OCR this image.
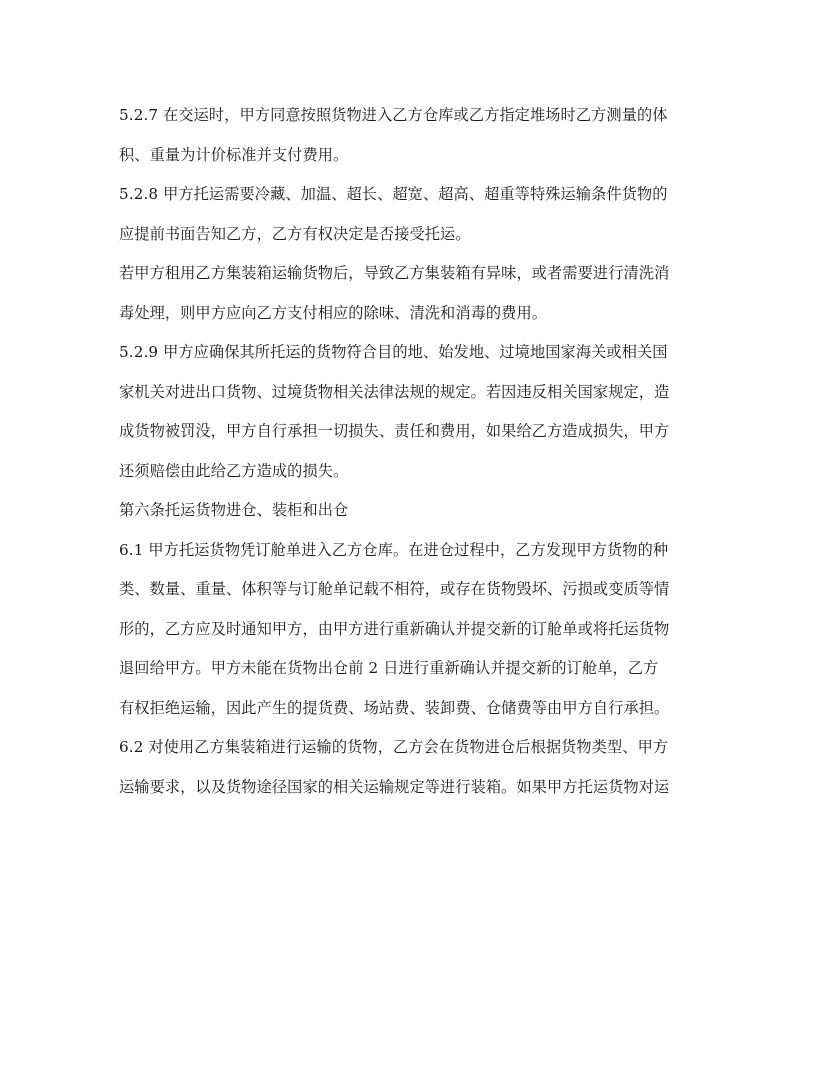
5.2.7 在交运时，甲方同意按照货物进入乙方仓库或乙方指定堆场时乙方测量的体
积、重量为计价标准并支付费用。

5.2.8 甲方托运需要冷藏、加温、超长、超宽、超高、超重等特殊运输条件货物的
应提前书面告知乙方，乙方有权决定是否接受托运。

若甲方租用乙方集装箱运输货物后，导致乙方集装箱有异味，或者需要进行清洗消
毒处理，则甲方应向乙方支付相应的除味、清洗和消毒的费用。

5.2.9 甲方应确保其所托运的货物符合目的地、始发地、过境地国家海关或相关国
家机关对进出口货物、过境货物相关法律法规的规定。若因违反相关国家规定，造
成货物被罚没，甲方自行承担一切损失、责任和费用，如果给乙方造成损失，甲方
还须赔偿由此给乙方造成的损失。

第六条托运货物进仓、装柜和出仓

6.1 甲方托运货物凭订舱单进入乙方仓库。在进仓过程中，乙方发现甲方货物的种
类、数量、重量、体积等与订舱单记载不相符，或存在货物毁坏、污损或变质等情
形的，乙方应及时通知甲方，由甲方进行重新确认并提交新的订舱单或将托运货物
退回给甲方。甲方未能在货物出仓前 2 日进行重新确认并提交新的订舱单，乙方
有权拒绝运输，因此产生的提货费、场站费、装卸费、仓储费等由甲方自行承担。

6.2 对使用乙方集装箱进行运输的货物，乙方会在货物进仓后根据货物类型、甲方
运输要求，以及货物途径国家的相关运输规定等进行装箱。如果甲方托运货物对运
